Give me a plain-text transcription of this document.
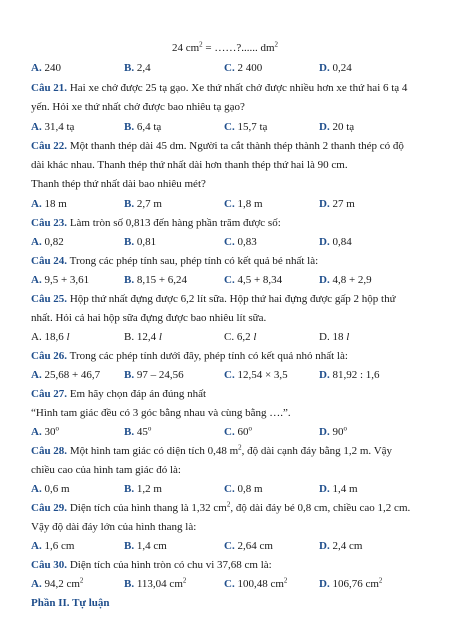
24 $cm^2$ = ……?...... $dm^2$
A. 240	B. 2,4	C. 2 400	D. 0,24
Câu 21. Hai xe chở được 25 tạ gạo. Xe thứ nhất chở được nhiều hơn xe thứ hai 6 tạ 4
yến. Hỏi xe thứ nhất chở được bao nhiêu tạ gạo?
A. 31,4 tạ	B. 6,4 tạ	C. 15,7 tạ	D. 20 tạ
Câu 22. Một thanh thép dài 45 dm. Người ta cắt thành thép thành 2 thanh thép có độ
dài khác nhau. Thanh thép thứ nhất dài hơn thanh thép thứ hai là 90 cm.
Thanh thép thứ nhất dài bao nhiêu mét?
A. 18 m	B. 2,7 m	C. 1,8 m	D. 27 m
Câu 23. Làm tròn số 0,813 đến hàng phần trăm được số:
A. 0,82	B. 0,81	C. 0,83	D. 0,84
Câu 24. Trong các phép tính sau, phép tính có kết quả bé nhất là:
A. 9,5 + 3,61	B. 8,15 + 6,24	C. 4,5 + 8,34	D. 4,8 + 2,9
Câu 25. Hộp thứ nhất đựng được 6,2 lít sữa. Hộp thứ hai đựng được gấp 2 hộp thứ
nhất. Hỏi cả hai hộp sữa đựng được bao nhiêu lít sữa.
A. 18,6 l	B. 12,4 l	C. 6,2 l	D. 18 l
Câu 26. Trong các phép tính dưới đây, phép tính có kết quả nhỏ nhất là:
A. 25,68 + 46,7 B. 97 – 24,56	C. 12,54 × 3,5	D. 81,92 : 1,6
Câu 27. Em hãy chọn đáp án đúng nhất
“Hình tam giác đều có 3 góc bằng nhau và cùng bằng ….”.
A. 30$^o$	B. 45$^o$	C. 60$^o$	D. 90$^o$
Câu 28. Một hình tam giác có diện tích 0,48 $m^2$, độ dài cạnh đáy bằng 1,2 m. Vậy
chiều cao của hình tam giác đó là:
A. 0,6 m	B. 1,2 m	C. 0,8 m	D. 1,4 m
Câu 29. Diện tích của hình thang là 1,32 $cm^2$, độ dài đáy bé 0,8 cm, chiều cao 1,2 cm.
Vậy độ dài đáy lớn của hình thang là:
A. 1,6 cm	B. 1,4 cm	C. 2,64 cm	D. 2,4 cm
Câu 30. Diện tích của hình tròn có chu vi 37,68 cm là:
A. 94,2 $cm^2$	B. 113,04 $cm^2$	C. 100,48 $cm^2$	D. 106,76 $cm^2$
Phần II. Tự luận
